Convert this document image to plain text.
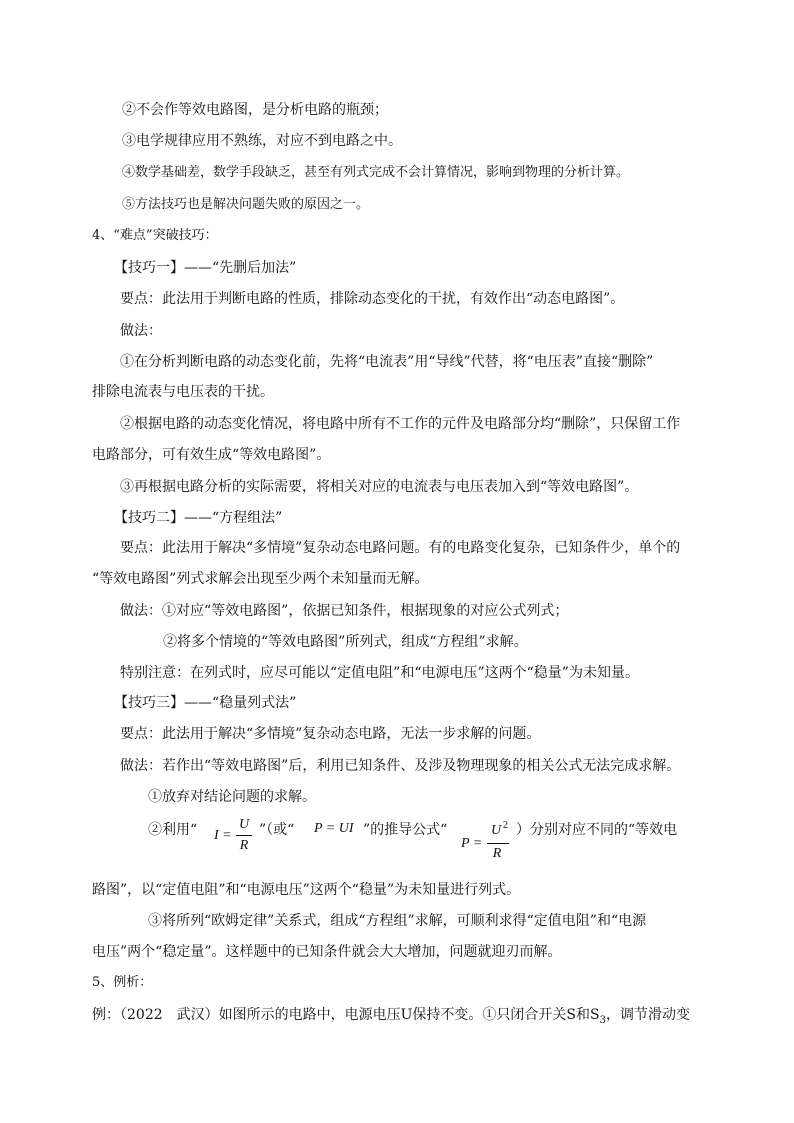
②不会作等效电路图，是分析电路的瓶颈；
③电学规律应用不熟练，对应不到电路之中。
④数学基础差，数学手段缺乏，甚至有列式完成不会计算情况，影响到物理的分析计算。
⑤方法技巧也是解决问题失败的原因之一。
4、“难点”突破技巧：
【技巧一】——“先删后加法”
要点：此法用于判断电路的性质，排除动态变化的干扰，有效作出“动态电路图”。
做法：
①在分析判断电路的动态变化前，先将“电流表”用“导线”代替，将“电压表”直接“删除”
排除电流表与电压表的干扰。
②根据电路的动态变化情况，将电路中所有不工作的元件及电路部分均“删除”，只保留工作
电路部分，可有效生成“等效电路图”。
③再根据电路分析的实际需要，将相关对应的电流表与电压表加入到“等效电路图”。
【技巧二】——“方程组法”
要点：此法用于解决“多情境”复杂动态电路问题。有的电路变化复杂，已知条件少，单个的
“等效电路图”列式求解会出现至少两个未知量而无解。
做法：①对应“等效电路图”，依据已知条件，根据现象的对应公式列式；
②将多个情境的“等效电路图”所列式，组成“方程组”求解。
特别注意：在列式时，应尽可能以“定值电阻”和“电源电压”这两个“稳量”为未知量。
【技巧三】——“稳量列式法”
要点：此法用于解决“多情境”复杂动态电路，无法一步求解的问题。
做法：若作出“等效电路图”后，利用已知条件、及涉及物理现象的相关公式无法完成求解。
①放弃对结论问题的求解。
②利用“ I =
U
R
”（或“ P = UI ”的推导公式“
P =
U 2
R
）分别对应不同的“等效电
路图”，以“定值电阻”和“电源电压”这两个“稳量”为未知量进行列式。
③将所列“欧姆定律”关系式，组成“方程组”求解，可顺利求得“定值电阻”和“电源
电压”两个“稳定量”。这样题中的已知条件就会大大增加，问题就迎刃而解。
5、例析：
例：（2022　武汉）如图所示的电路中，电源电压U保持不变。①只闭合开关S和$S_3$，调节滑动变
